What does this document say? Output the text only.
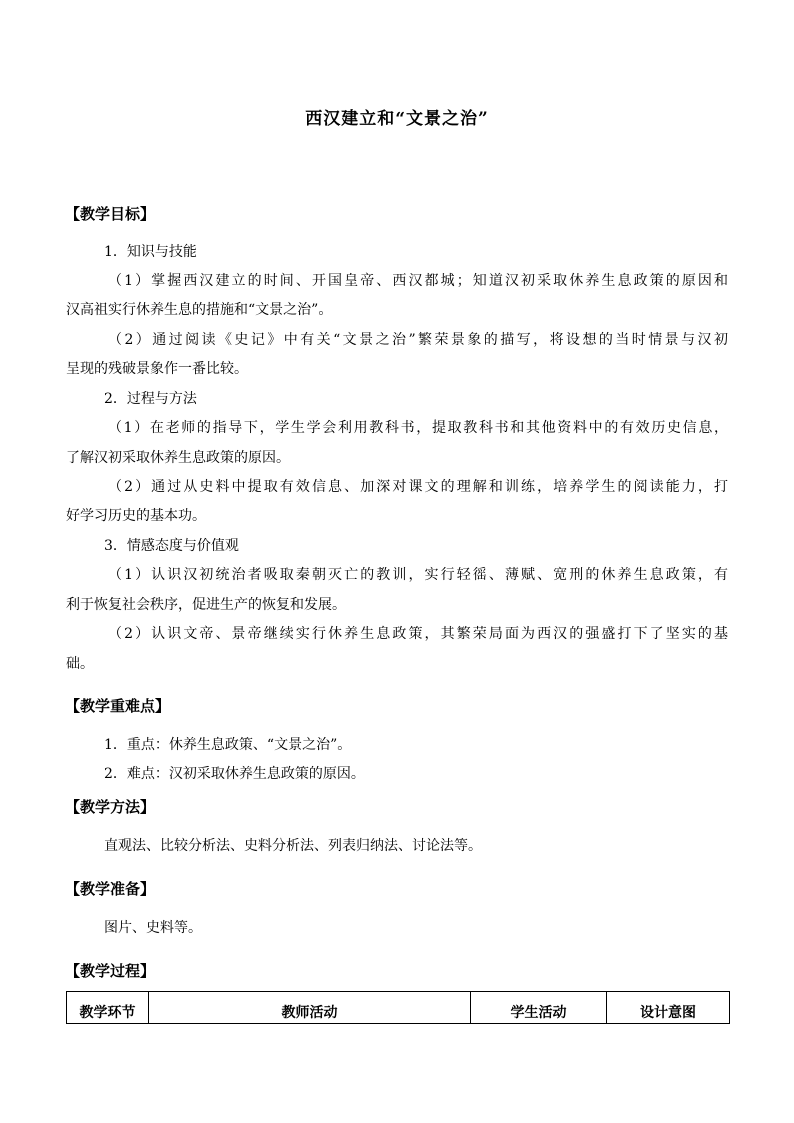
西汉建立和“文景之治”
【教学目标】
1．知识与技能
（1）掌握西汉建立的时间、开国皇帝、西汉都城；知道汉初采取休养生息政策的原因和
汉高祖实行休养生息的措施和“文景之治”。
（2）通过阅读《史记》中有关“文景之治”繁荣景象的描写，将设想的当时情景与汉初
呈现的残破景象作一番比较。
2．过程与方法
（1）在老师的指导下，学生学会利用教科书，提取教科书和其他资料中的有效历史信息，
了解汉初采取休养生息政策的原因。
（2）通过从史料中提取有效信息、加深对课文的理解和训练，培养学生的阅读能力，打
好学习历史的基本功。
3．情感态度与价值观
（1）认识汉初统治者吸取秦朝灭亡的教训，实行轻徭、薄赋、宽刑的休养生息政策，有
利于恢复社会秩序，促进生产的恢复和发展。
（2）认识文帝、景帝继续实行休养生息政策，其繁荣局面为西汉的强盛打下了坚实的基
础。
【教学重难点】
1．重点：休养生息政策、“文景之治”。
2．难点：汉初采取休养生息政策的原因。
【教学方法】
直观法、比较分析法、史料分析法、列表归纳法、讨论法等。
【教学准备】
图片、史料等。
【教学过程】
教学环节	教师活动	学生活动	设计意图
